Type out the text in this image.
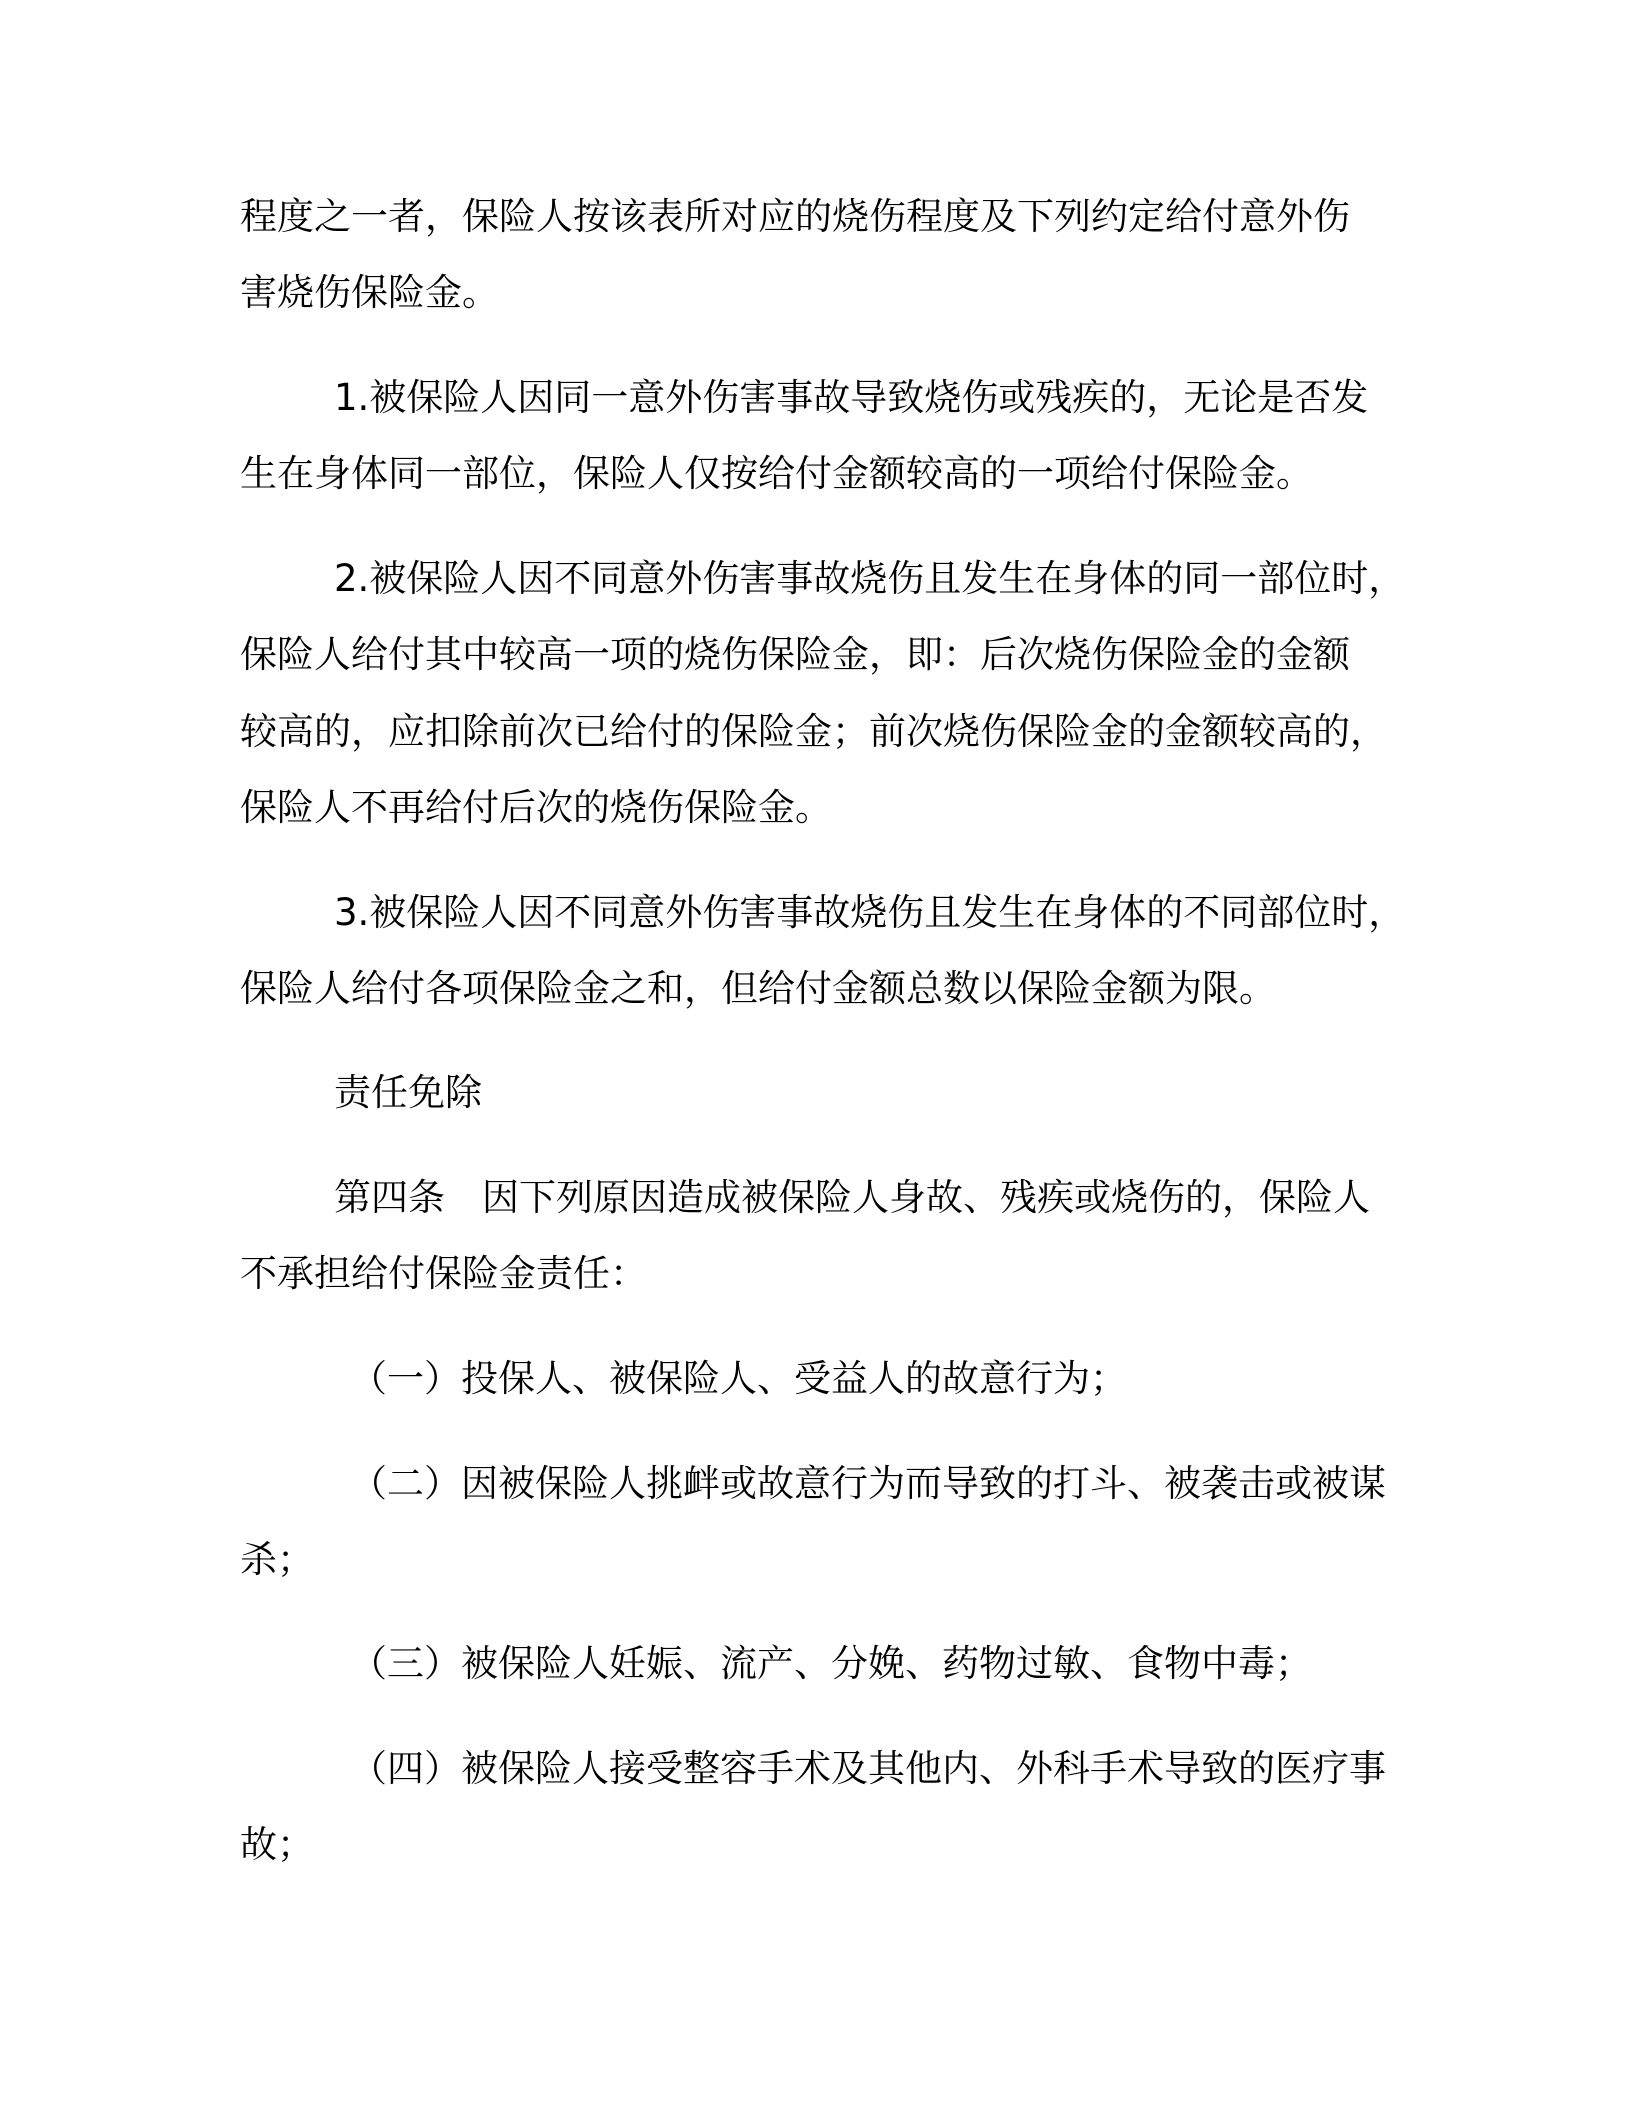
程度之一者，保险人按该表所对应的烧伤程度及下列约定给付意外伤
害烧伤保险金。
1.被保险人因同一意外伤害事故导致烧伤或残疾的，无论是否发
生在身体同一部位，保险人仅按给付金额较高的一项给付保险金。
2.被保险人因不同意外伤害事故烧伤且发生在身体的同一部位时，
保险人给付其中较高一项的烧伤保险金，即：后次烧伤保险金的金额
较高的，应扣除前次已给付的保险金；前次烧伤保险金的金额较高的，
保险人不再给付后次的烧伤保险金。
3.被保险人因不同意外伤害事故烧伤且发生在身体的不同部位时，
保险人给付各项保险金之和，但给付金额总数以保险金额为限。
责任免除
第四条　因下列原因造成被保险人身故、残疾或烧伤的，保险人
不承担给付保险金责任：
（一）投保人、被保险人、受益人的故意行为；
（二）因被保险人挑衅或故意行为而导致的打斗、被袭击或被谋
杀；
（三）被保险人妊娠、流产、分娩、药物过敏、食物中毒；
（四）被保险人接受整容手术及其他内、外科手术导致的医疗事
故；
